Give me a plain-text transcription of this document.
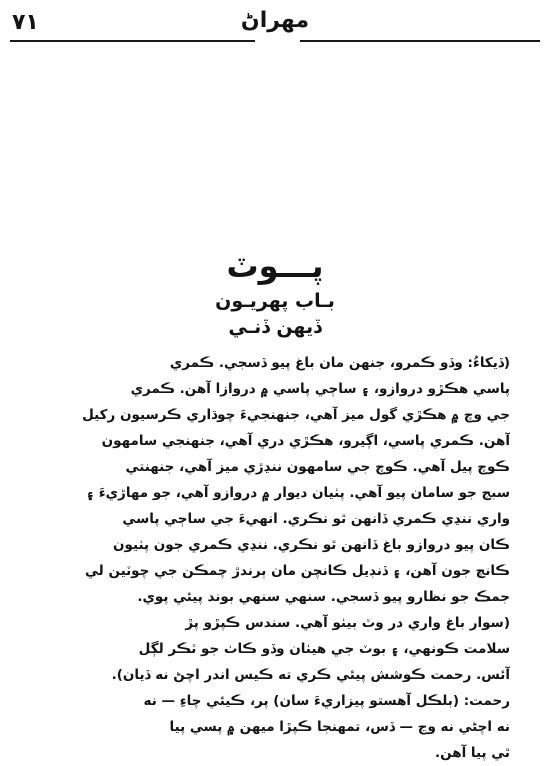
٧١	مهراڻ
پـــوٽ
بـاب پهريـون
ڏيهن ڏنـي
(ڏيکاءُ: وڏو ڪمرو، جنهن مان باغ پيو ڏسجي. ڪمري
پاسي هڪڙو دروازو، ۽ ساڄي پاسي ۾ دروازا آهن. ڪمري
جي وچ ۾ هڪڙي گول ميز آهي، جنهنجيءَ چوڌاري ڪرسيون رکيل
آهن. ڪمري پاسي، اڳيرو، هڪڙي دري آهي، جنهنجي سامهون
ڪوچ پيل آهي. ڪوچ جي سامهون ننڍڙي ميز آهي، جنهنتي
سبج جو سامان پيو آهي. پٺيان ديوار ۾ دروازو آهي، جو مهاڙيءَ ۽
واري ننڍي ڪمري ڏانهن ٿو نڪري. انهيءَ جي ساڄي پاسي
ڪان پيو دروازو باغ ڏانهن ٿو نڪري. ننڍي ڪمري جون پٺيون
ڪانچ جون آهن، ۽ ڏنڊيل ڪانچن مان ٻرندڙ چمڪن جي چوٽين لي
جمڪ جو نظارو پيو ڏسجي. سنهي سنهي بوند پيئي پوي.
(سوار باغ واري در وٽ بيٺو آهي. سندس ڪپڙو پڙ
سلامت ڪونهي، ۽ بوٽ جي هيٺان وڏو ڪاٺ جو ٽڪر لڳل
آئس. رحمت ڪوشش پيئي ڪري ته ڪيس اندر اچڻ نه ڏيان).
رحمت: (بلڪل آهستو پيزاريءَ سان) پر، ڪيئي چاءِ — نه
نه اچڻي نه وڃ — ڏس، تمهنجا ڪپڙا ميهن ۾ پسي پيا
ٿي پيا آهن.
